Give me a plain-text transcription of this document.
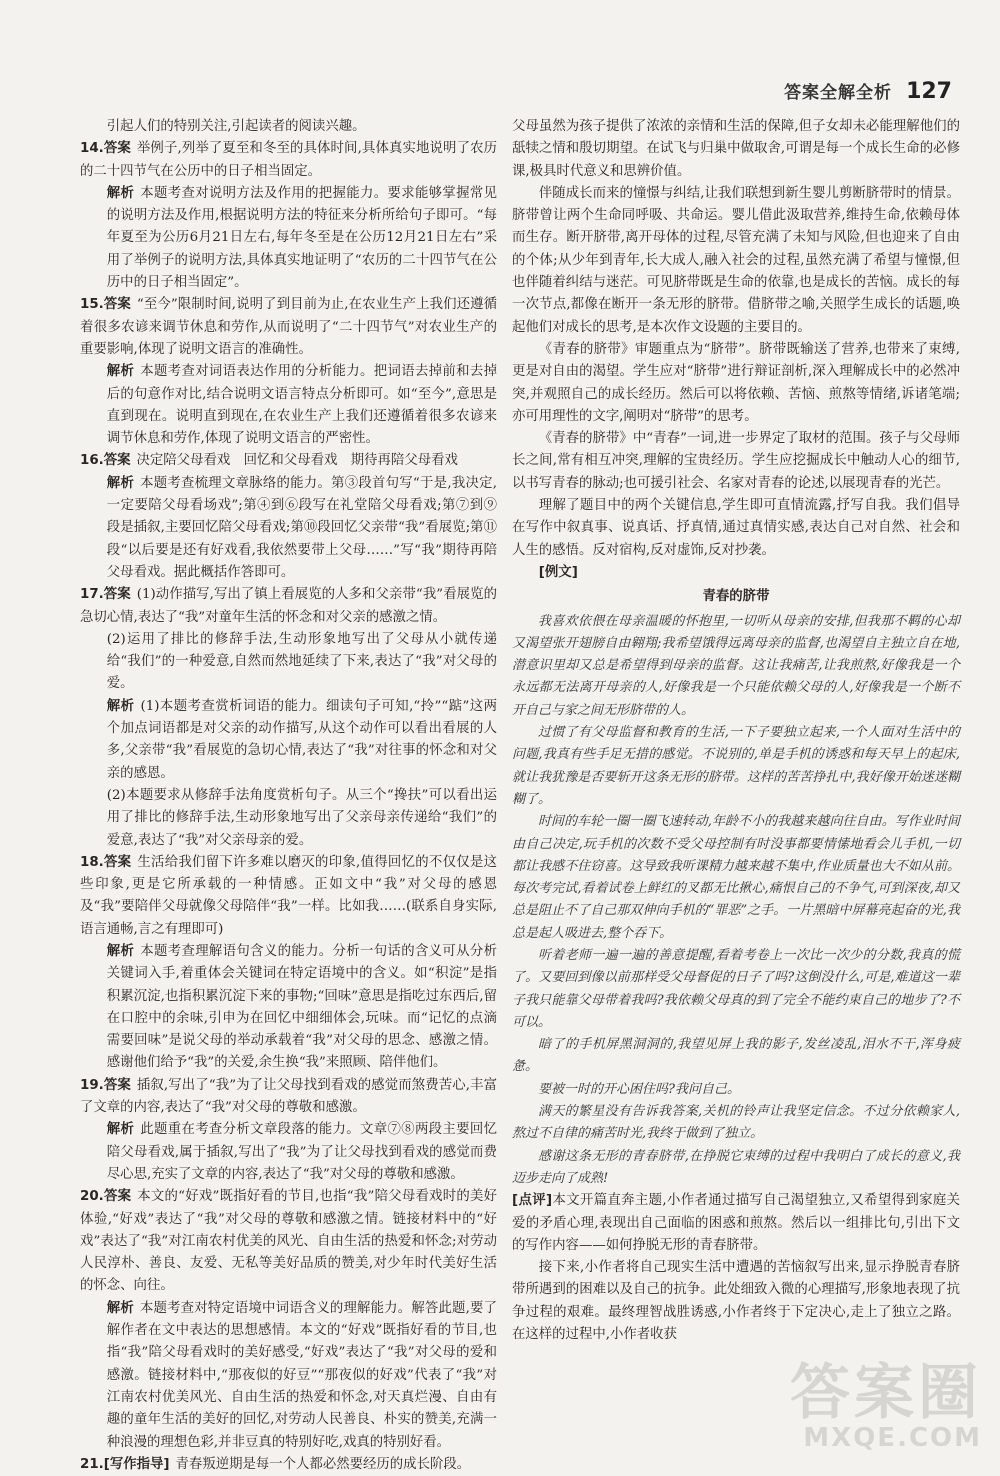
答案全解全析 127

引起人们的特别关注,引起读者的阅读兴趣。

14.答案 举例子,列举了夏至和冬至的具体时间,具体真实地说明了农历的二十四节气在公历中的日子相当固定。

解析 本题考查对说明方法及作用的把握能力。要求能够掌握常见的说明方法及作用,根据说明方法的特征来分析所给句子即可。“每年夏至为公历6月21日左右,每年冬至是在公历12月21日左右”采用了举例子的说明方法,具体真实地证明了“农历的二十四节气在公历中的日子相当固定”。

15.答案 “至今”限制时间,说明了到目前为止,在农业生产上我们还遵循着很多农谚来调节休息和劳作,从而说明了“二十四节气”对农业生产的重要影响,体现了说明文语言的准确性。

解析 本题考查对词语表达作用的分析能力。把词语去掉前和去掉后的句意作对比,结合说明文语言特点分析即可。如“至今”,意思是直到现在。说明直到现在,在农业生产上我们还遵循着很多农谚来调节休息和劳作,体现了说明文语言的严密性。

16.答案 决定陪父母看戏　回忆和父母看戏　期待再陪父母看戏

解析 本题考查梳理文章脉络的能力。第③段首句写“于是,我决定,一定要陪父母看场戏”;第④到⑥段写在礼堂陪父母看戏;第⑦到⑨段是插叙,主要回忆陪父母看戏;第⑩段回忆父亲带“我”看展览;第⑪段“以后要是还有好戏看,我依然要带上父母……”写“我”期待再陪父母看戏。据此概括作答即可。

17.答案 (1)动作描写,写出了镇上看展览的人多和父亲带“我”看展览的急切心情,表达了“我”对童年生活的怀念和对父亲的感激之情。

(2)运用了排比的修辞手法,生动形象地写出了父母从小就传递给“我们”的一种爱意,自然而然地延续了下来,表达了“我”对父母的爱。

解析 (1)本题考查赏析词语的能力。细读句子可知,“拎”“踮”这两个加点词语都是对父亲的动作描写,从这个动作可以看出看展的人多,父亲带“我”看展览的急切心情,表达了“我”对往事的怀念和对父亲的感恩。

(2)本题要求从修辞手法角度赏析句子。从三个“搀扶”可以看出运用了排比的修辞手法,生动形象地写出了父亲母亲传递给“我们”的爱意,表达了“我”对父亲母亲的爱。

18.答案 生活给我们留下许多难以磨灭的印象,值得回忆的不仅仅是这些印象,更是它所承载的一种情感。正如文中“我”对父母的感恩及“我”要陪伴父母就像父母陪伴“我”一样。比如我……(联系自身实际,语言通畅,言之有理即可)

解析 本题考查理解语句含义的能力。分析一句话的含义可从分析关键词入手,着重体会关键词在特定语境中的含义。如“积淀”是指积累沉淀,也指积累沉淀下来的事物;“回味”意思是指吃过东西后,留在口腔中的余味,引申为在回忆中细细体会,玩味。而“记忆的点滴需要回味”是说父母的举动承载着“我”对父母的思念、感激之情。感谢他们给予“我”的关爱,余生换“我”来照顾、陪伴他们。

19.答案 插叙,写出了“我”为了让父母找到看戏的感觉而煞费苦心,丰富了文章的内容,表达了“我”对父母的尊敬和感激。

解析 此题重在考查分析文章段落的能力。文章⑦⑧两段主要回忆陪父母看戏,属于插叙,写出了“我”为了让父母找到看戏的感觉而费尽心思,充实了文章的内容,表达了“我”对父母的尊敬和感激。

20.答案 本文的“好戏”既指好看的节目,也指“我”陪父母看戏时的美好体验,“好戏”表达了“我”对父母的尊敬和感激之情。链接材料中的“好戏”表达了“我”对江南农村优美的风光、自由生活的热爱和怀念;对劳动人民淳朴、善良、友爱、无私等美好品质的赞美,对少年时代美好生活的怀念、向往。

解析 本题考查对特定语境中词语含义的理解能力。解答此题,要了解作者在文中表达的思想感情。本文的“好戏”既指好看的节目,也指“我”陪父母看戏时的美好感受,“好戏”表达了“我”对父母的爱和感激。链接材料中,“那夜似的好豆”“那夜似的好戏”代表了“我”对江南农村优美风光、自由生活的热爱和怀念,对天真烂漫、自由有趣的童年生活的美好的回忆,对劳动人民善良、朴实的赞美,充满一种浪漫的理想色彩,并非豆真的特别好吃,戏真的特别好看。

21.[写作指导] 青春叛逆期是每一个人都必然要经历的成长阶段。

父母虽然为孩子提供了浓浓的亲情和生活的保障,但子女却未必能理解他们的舐犊之情和殷切期望。在试飞与归巢中做取舍,可谓是每一个成长生命的必修课,极具时代意义和思辨价值。

伴随成长而来的憧憬与纠结,让我们联想到新生婴儿剪断脐带时的情景。脐带曾让两个生命同呼吸、共命运。婴儿借此汲取营养,维持生命,依赖母体而生存。断开脐带,离开母体的过程,尽管充满了未知与风险,但也迎来了自由的个体;从少年到青年,长大成人,融入社会的过程,虽然充满了希望与憧憬,但也伴随着纠结与迷茫。可见脐带既是生命的依靠,也是成长的苦恼。成长的每一次节点,都像在断开一条无形的脐带。借脐带之喻,关照学生成长的话题,唤起他们对成长的思考,是本次作文设题的主要目的。

《青春的脐带》审题重点为“脐带”。脐带既输送了营养,也带来了束缚,更是对自由的渴望。学生应对“脐带”进行辩证剖析,深入理解成长中的必然冲突,并观照自己的成长经历。然后可以将依赖、苦恼、煎熬等情绪,诉诸笔端;亦可用理性的文字,阐明对“脐带”的思考。

《青春的脐带》中“青春”一词,进一步界定了取材的范围。孩子与父母师长之间,常有相互冲突,理解的宝贵经历。学生应挖掘成长中触动人心的细节,以书写青春的脉动;也可援引社会、名家对青春的论述,以展现青春的光芒。

理解了题目中的两个关键信息,学生即可直情流露,抒写自我。我们倡导在写作中叙真事、说真话、抒真情,通过真情实感,表达自己对自然、社会和人生的感悟。反对宿构,反对虚饰,反对抄袭。

[例文]

青春的脐带

我喜欢依偎在母亲温暖的怀抱里,一切听从母亲的安排,但我那不羁的心却又渴望张开翅膀自由翱翔;我希望饿得远离母亲的监督,也渴望自主独立自在地,潜意识里却又总是希望得到母亲的监督。这让我痛苦,让我煎熬,好像我是一个永远都无法离开母亲的人,好像我是一个只能依赖父母的人,好像我是一个断不开自己与家之间无形脐带的人。

过惯了有父母监督和教育的生活,一下子要独立起来,一个人面对生活中的问题,我真有些手足无措的感觉。不说别的,单是手机的诱惑和每天早上的起床,就让我犹豫是否要斩开这条无形的脐带。这样的苦苦挣扎中,我好像开始迷迷糊糊了。

时间的车轮一圈一圈飞速转动,年龄不小的我越来越向往自由。写作业时间由自己决定,玩手机的次数不受父母控制有时没事都要情愫地看会儿手机,一切都让我感不住窃喜。这导致我听课精力越来越不集中,作业质量也大不如从前。每次考完试,看着试卷上鲜红的叉都无比揪心,痛恨自己的不争气,可到深夜,却又总是阻止不了自己那双伸向手机的“罪恶”之手。一片黑暗中屏幕亮起奋的光,我总是起人吸进去,整个吞下。

听着老师一遍一遍的善意提醒,看着考卷上一次比一次少的分数,我真的慌了。又要回到像以前那样受父母督促的日子了吗?这倒没什么,可是,难道这一辈子我只能靠父母带着我吗?我依赖父母真的到了完全不能约束自己的地步了?不可以。

暗了的手机屏黑洞洞的,我望见屏上我的影子,发丝凌乱,泪水不干,浑身疲惫。

要被一时的开心困住吗?我问自己。

满天的繁星没有告诉我答案,关机的铃声让我坚定信念。不过分依赖家人,熬过不自律的痛苦时光,我终于做到了独立。

感谢这条无形的青春脐带,在挣脱它束缚的过程中我明白了成长的意义,我迈步走向了成熟!

[点评]本文开篇直奔主题,小作者通过描写自己渴望独立,又希望得到家庭关爱的矛盾心理,表现出自己面临的困惑和煎熬。然后以一组排比句,引出下文的写作内容——如何挣脱无形的青春脐带。

接下来,小作者将自己现实生活中遭遇的苦恼叙写出来,显示挣脱青春脐带所遇到的困难以及自己的抗争。此处细致入微的心理描写,形象地表现了抗争过程的艰难。最终理智战胜诱惑,小作者终于下定决心,走上了独立之路。在这样的过程中,小作者收获

答案圈
MXQE.COM
